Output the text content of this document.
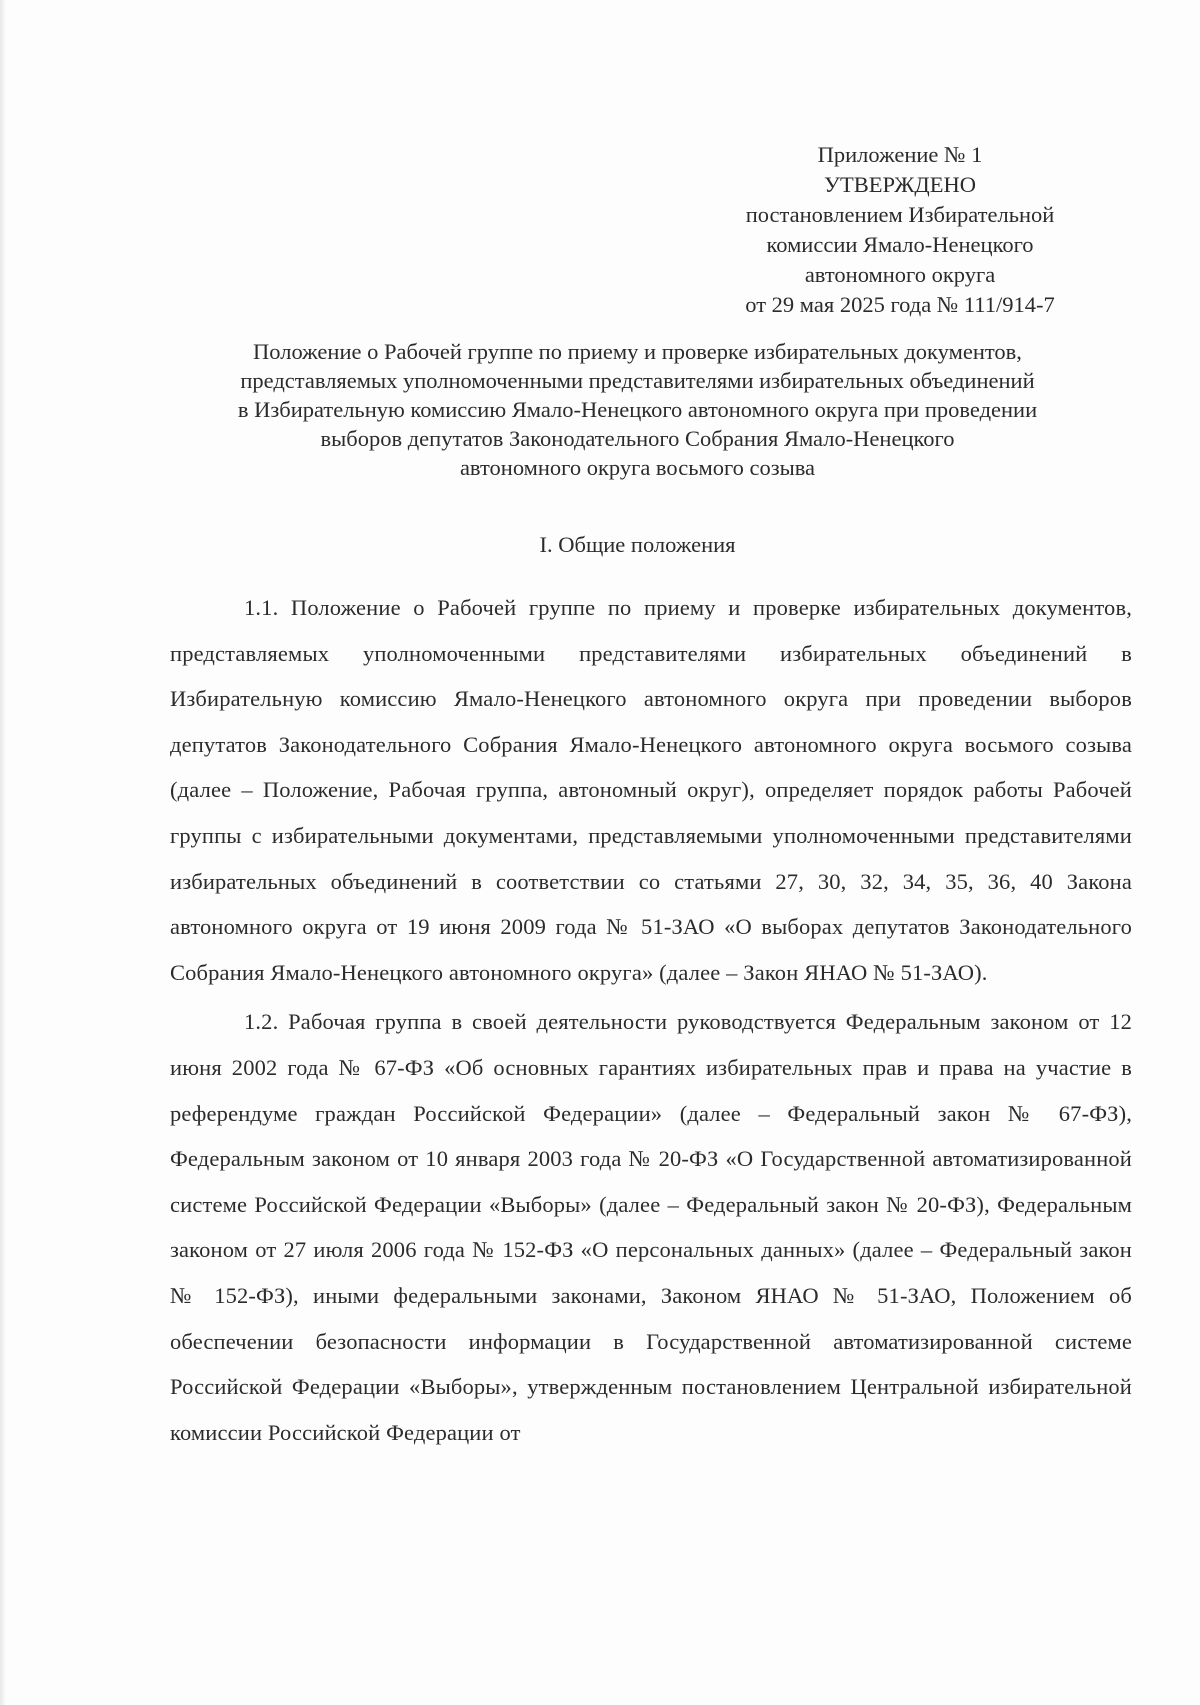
Приложение № 1
УТВЕРЖДЕНО
постановлением Избирательной
комиссии Ямало-Ненецкого
автономного округа
от 29 мая 2025 года № 111/914-7
Положение о Рабочей группе по приему и проверке избирательных документов,
представляемых уполномоченными представителями избирательных объединений
в Избирательную комиссию Ямало-Ненецкого автономного округа при проведении
выборов депутатов Законодательного Собрания Ямало-Ненецкого
автономного округа восьмого созыва
I. Общие положения

1.1. Положение о Рабочей группе по приему и проверке избирательных документов, представляемых уполномоченными представителями избирательных объединений в Избирательную комиссию Ямало-Ненецкого автономного округа при проведении выборов депутатов Законодательного Собрания Ямало-Ненецкого автономного округа восьмого созыва (далее – Положение, Рабочая группа, автономный округ), определяет порядок работы Рабочей группы с избирательными документами, представляемыми уполномоченными представителями избирательных объединений в соответствии со статьями 27, 30, 32, 34, 35, 36, 40 Закона автономного округа от 19 июня 2009 года № 51-ЗАО «О выборах депутатов Законодательного Собрания Ямало-Ненецкого автономного округа» (далее – Закон ЯНАО № 51-ЗАО).

1.2. Рабочая группа в своей деятельности руководствуется Федеральным законом от 12 июня 2002 года № 67-ФЗ «Об основных гарантиях избирательных прав и права на участие в референдуме граждан Российской Федерации» (далее – Федеральный закон № 67-ФЗ), Федеральным законом от 10 января 2003 года № 20-ФЗ «О Государственной автоматизированной системе Российской Федерации «Выборы» (далее – Федеральный закон № 20-ФЗ), Федеральным законом от 27 июля 2006 года № 152-ФЗ «О персональных данных» (далее – Федеральный закон № 152-ФЗ), иными федеральными законами, Законом ЯНАО № 51-ЗАО, Положением об обеспечении безопасности информации в Государственной автоматизированной системе Российской Федерации «Выборы», утвержденным постановлением Центральной избирательной комиссии Российской Федерации от
